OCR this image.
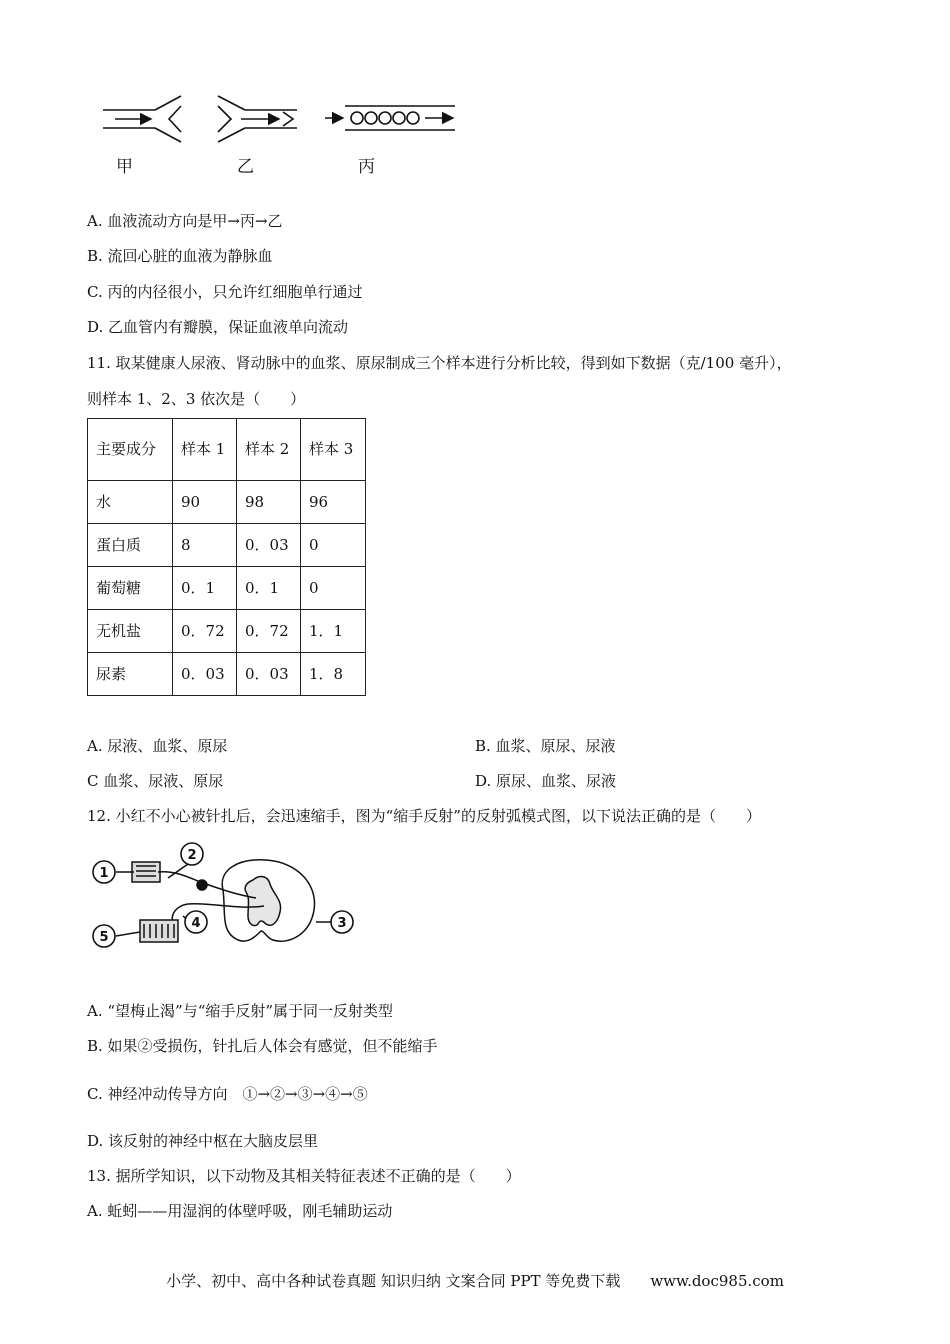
甲	乙	丙
A. 血液流动方向是甲→丙→乙
B. 流回心脏的血液为静脉血
C. 丙的内径很小，只允许红细胞单行通过
D. 乙血管内有瓣膜，保证血液单向流动
11. 取某健康人尿液、肾动脉中的血浆、原尿制成三个样本进行分析比较，得到如下数据（克/100 毫升），
则样本 1、2、3 依次是（　　）
主要成分	样本 1	样本 2	样本 3
水	90	98	96
蛋白质	8	0．03	0
葡萄糖	0．1	0．1	0
无机盐	0．72	0．72	1．1
尿素	0．03	0．03	1．8
A. 尿液、血浆、原尿	B. 血浆、原尿、尿液
C 血浆、尿液、原尿	D. 原尿、血浆、尿液
12. 小红不小心被针扎后，会迅速缩手，图为“缩手反射”的反射弧模式图，以下说法正确的是（　　）
1
2
3
4
5
A. “望梅止渴”与“缩手反射”属于同一反射类型
B. 如果②受损伤，针扎后人体会有感觉，但不能缩手
C. 神经冲动传导方向　①→②→③→④→⑤
D. 该反射的神经中枢在大脑皮层里
13. 据所学知识，以下动物及其相关特征表述不正确的是（　　）
A. 蚯蚓——用湿润的体壁呼吸，刚毛辅助运动
小学、初中、高中各种试卷真题 知识归纳 文案合同 PPT 等免费下载　　www.doc985.com
